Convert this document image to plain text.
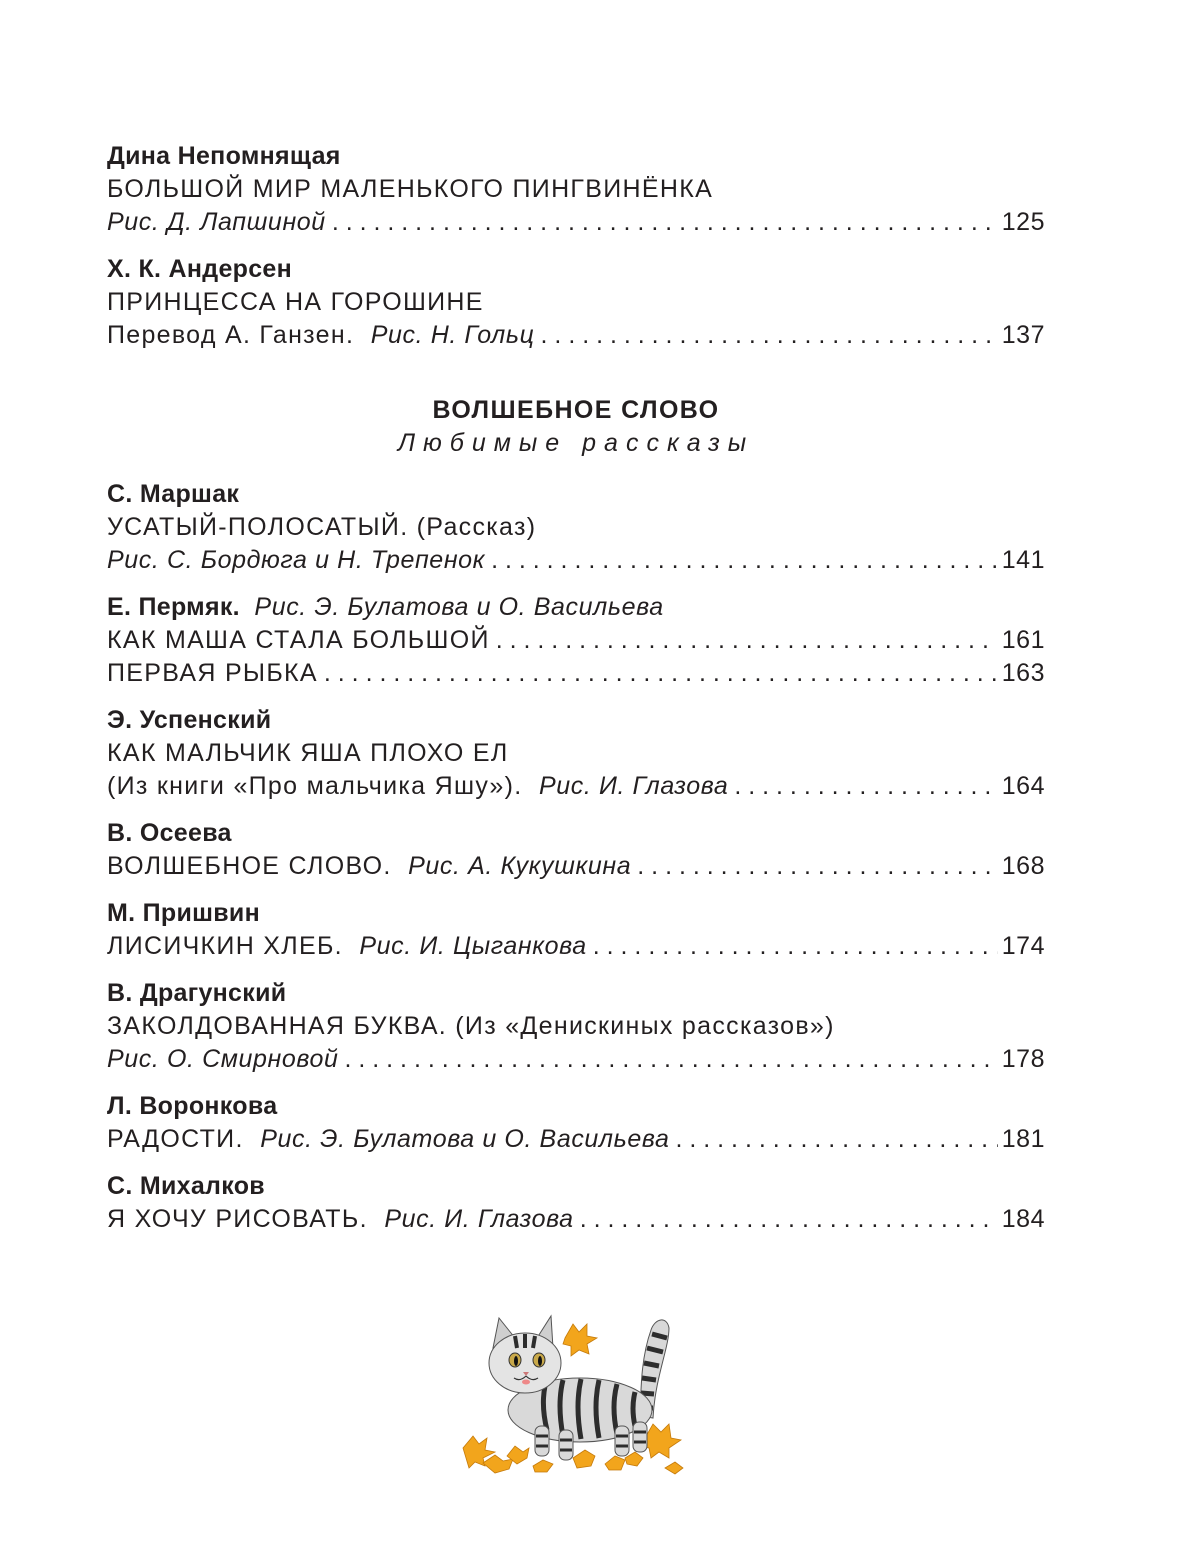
Дина Непомнящая
БОЛЬШОЙ МИР МАЛЕНЬКОГО ПИНГВИНЁНКА
Рис. Д. Лапшиной . . .	125
Х. К. Андерсен
ПРИНЦЕССА НА ГОРОШИНЕ
Перевод А. Ганзен. Рис. Н. Гольц . . .	137
ВОЛШЕБНОЕ СЛОВО
Любимые рассказы
С. Маршак
УСАТЫЙ-ПОЛОСАТЫЙ. (Рассказ)
Рис. С. Бордюга и Н. Трепенок . . .	141
Е. Пермяк. Рис. Э. Булатова и О. Васильева
КАК МАША СТАЛА БОЛЬШОЙ . . .	161
ПЕРВАЯ РЫБКА . . .	163
Э. Успенский
КАК МАЛЬЧИК ЯША ПЛОХО ЕЛ
(Из книги «Про мальчика Яшу»). Рис. И. Глазова . . .	164
В. Осеева
ВОЛШЕБНОЕ СЛОВО. Рис. А. Кукушкина . . .	168
М. Пришвин
ЛИСИЧКИН ХЛЕБ. Рис. И. Цыганкова . . .	174
В. Драгунский
ЗАКОЛДОВАННАЯ БУКВА. (Из «Денискиных рассказов»)
Рис. О. Смирновой . . .	178
Л. Воронкова
РАДОСТИ. Рис. Э. Булатова и О. Васильева . . .	181
С. Михалков
Я ХОЧУ РИСОВАТЬ. Рис. И. Глазова . . .	184
